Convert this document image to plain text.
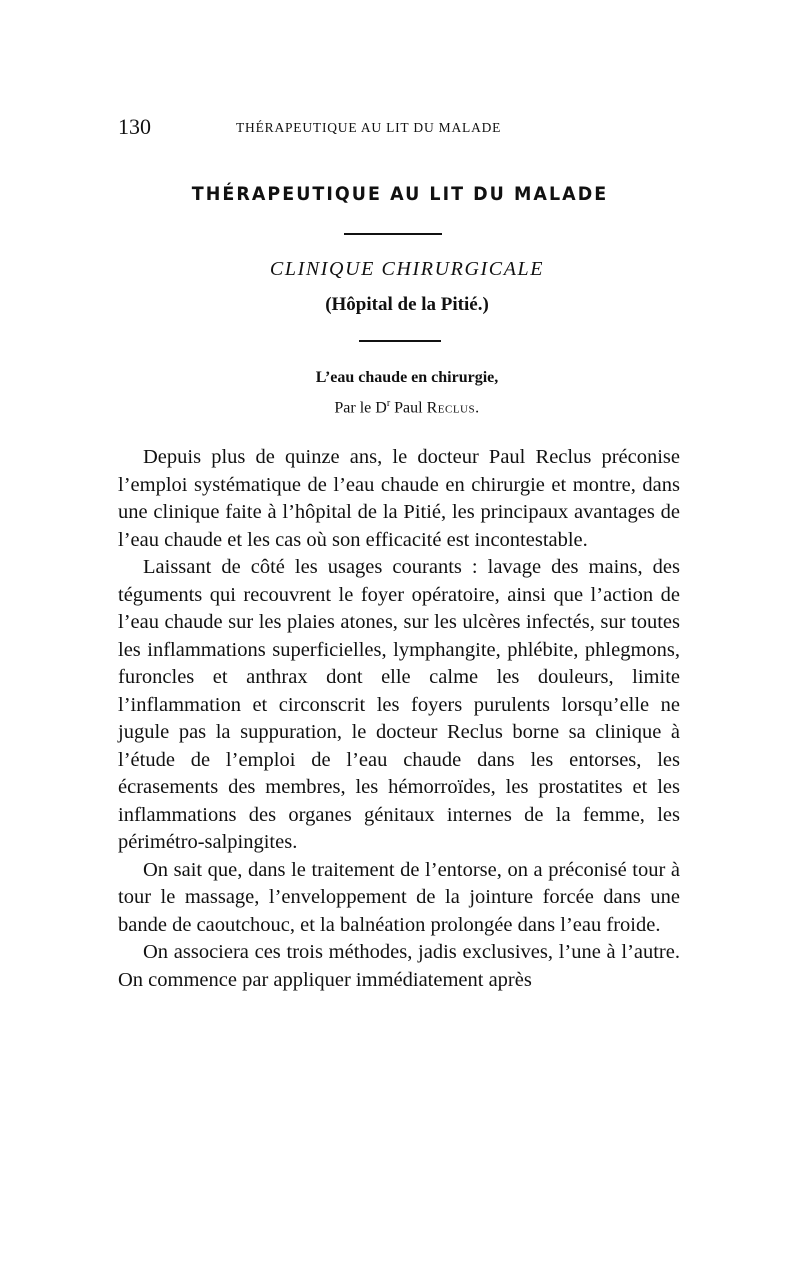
130	THÉRAPEUTIQUE AU LIT DU MALADE
THÉRAPEUTIQUE AU LIT DU MALADE
CLINIQUE CHIRURGICALE
(Hôpital de la Pitié.)
L’eau chaude en chirurgie,
Par le $D^r$ Paul Reclus.

Depuis plus de quinze ans, le docteur Paul Reclus préconise l’emploi systématique de l’eau chaude en chirurgie et montre, dans une clinique faite à l’hôpital de la Pitié, les principaux avantages de l’eau chaude et les cas où son efficacité est incontestable.

Laissant de côté les usages courants : lavage des mains, des téguments qui recouvrent le foyer opératoire, ainsi que l’action de l’eau chaude sur les plaies atones, sur les ulcères infectés, sur toutes les inflammations superficielles, lymphangite, phlébite, phlegmons, furoncles et anthrax dont elle calme les douleurs, limite l’inflammation et circonscrit les foyers purulents lorsqu’elle ne jugule pas la suppuration, le docteur Reclus borne sa clinique à l’étude de l’emploi de l’eau chaude dans les entorses, les écrasements des membres, les hémorroïdes, les prostatites et les inflammations des organes génitaux internes de la femme, les périmétro-salpingites.

On sait que, dans le traitement de l’entorse, on a préconisé tour à tour le massage, l’enveloppement de la jointure forcée dans une bande de caoutchouc, et la balnéation prolongée dans l’eau froide.

On associera ces trois méthodes, jadis exclusives, l’une à l’autre. On commence par appliquer immédiatement après
